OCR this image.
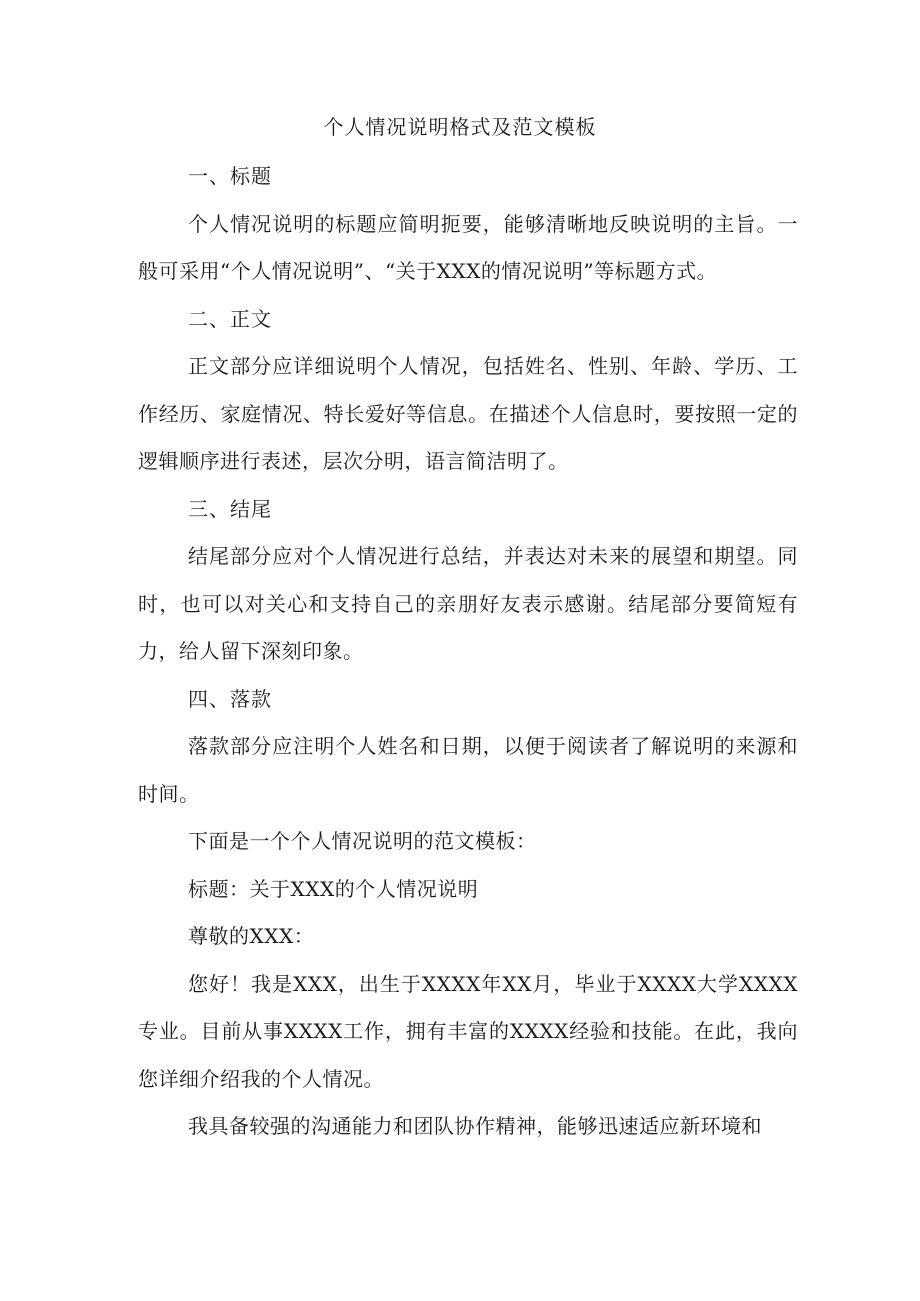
个人情况说明格式及范文模板

一、标题

个人情况说明的标题应简明扼要，能够清晰地反映说明的主旨。一般可采用“个人情况说明”、“关于XXX的情况说明”等标题方式。

二、正文

正文部分应详细说明个人情况，包括姓名、性别、年龄、学历、工作经历、家庭情况、特长爱好等信息。在描述个人信息时，要按照一定的逻辑顺序进行表述，层次分明，语言简洁明了。

三、结尾

结尾部分应对个人情况进行总结，并表达对未来的展望和期望。同时，也可以对关心和支持自己的亲朋好友表示感谢。结尾部分要简短有力，给人留下深刻印象。

四、落款

落款部分应注明个人姓名和日期，以便于阅读者了解说明的来源和时间。

下面是一个个人情况说明的范文模板：

标题：关于XXX的个人情况说明

尊敬的XXX：

您好！我是XXX，出生于XXXX年XX月，毕业于XXXX大学XXXX专业。目前从事XXXX工作，拥有丰富的XXXX经验和技能。在此，我向您详细介绍我的个人情况。

我具备较强的沟通能力和团队协作精神，能够迅速适应新环境和
